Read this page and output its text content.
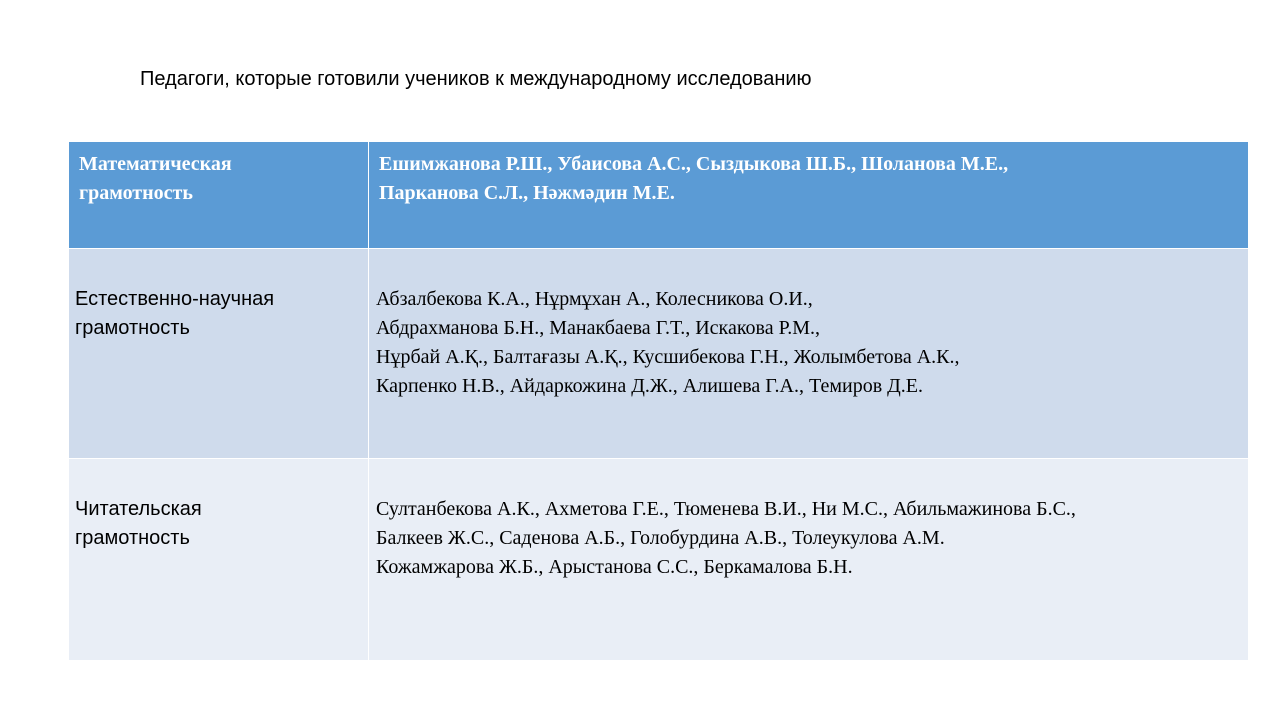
Педагоги, которые готовили учеников к международному исследованию
Математическая
грамотность	Ешимжанова Р.Ш., Убаисова А.С., Сыздыкова Ш.Б., Шоланова М.Е.,
Парканова С.Л., Нәжмәдин М.Е.

Естественно-научная
грамотность	Абзалбекова К.А., Нұрмұхан А., Колесникова О.И.,
Абдрахманова Б.Н., Манакбаева Г.Т., Искакова Р.М.,
Нұрбай А.Қ., Балтағазы А.Қ., Кусшибекова Г.Н., Жолымбетова А.К.,
Карпенко Н.В., Айдаркожина Д.Ж., Алишева Г.А., Темиров Д.Е.

Читательская
грамотность	Султанбекова А.К., Ахметова Г.Е., Тюменева В.И., Ни М.С., Абильмажинова Б.С.,
Балкеев Ж.С., Саденова А.Б., Голобурдина А.В., Толеукулова А.М.
Кожамжарова Ж.Б., Арыстанова С.С., Беркамалова Б.Н.
